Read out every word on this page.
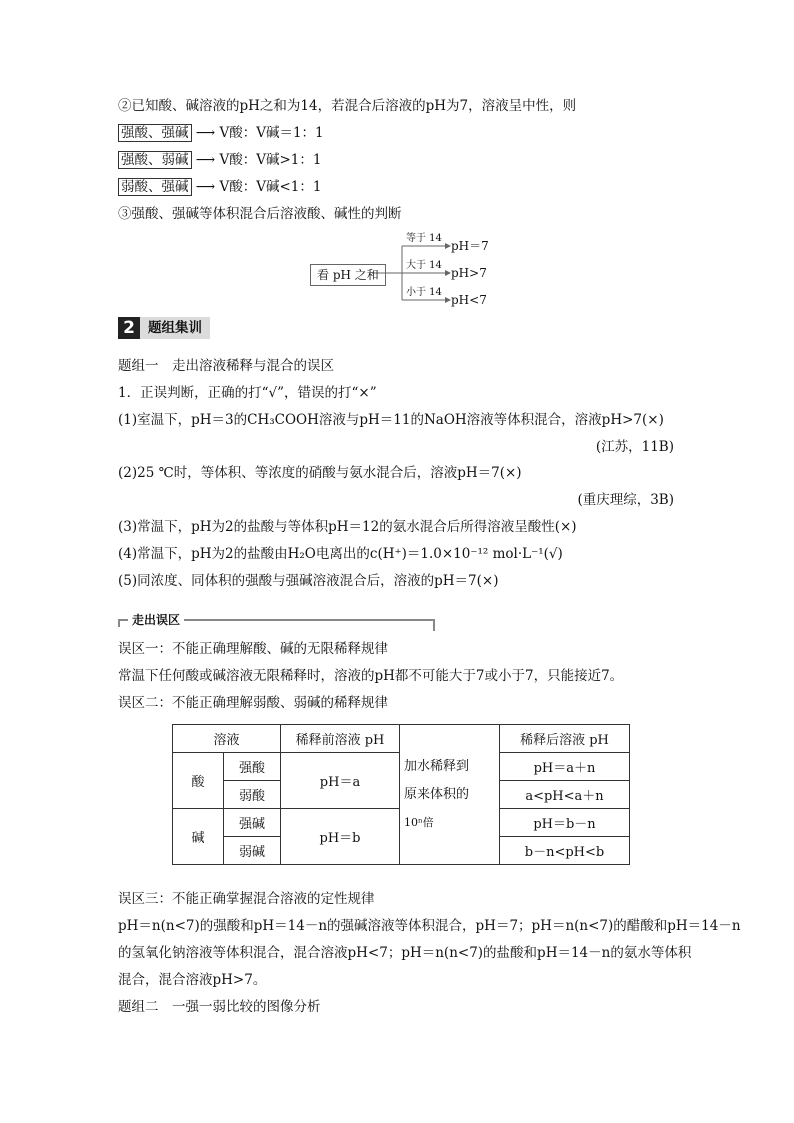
②已知酸、碱溶液的pH之和为14，若混合后溶液的pH为7，溶液呈中性，则
强酸、强碱 ⟶ V酸：V碱＝1：1
强酸、弱碱 ⟶ V酸：V碱>1：1
弱酸、强碱 ⟶ V酸：V碱<1：1
③强酸、强碱等体积混合后溶液酸、碱性的判断
看 pH 之和
等于 14
pH＝7
大于 14
pH>7
小于 14
pH<7
2 题组集训
题组一　走出溶液稀释与混合的误区
1．正误判断，正确的打“√”，错误的打“×”
(1)室温下，pH＝3的CH₃COOH溶液与pH＝11的NaOH溶液等体积混合，溶液pH>7(×)
(江苏，11B)
(2)25 ℃时，等体积、等浓度的硝酸与氨水混合后，溶液pH＝7(×)
(重庆理综，3B)
(3)常温下，pH为2的盐酸与等体积pH＝12的氨水混合后所得溶液呈酸性(×)
(4)常温下，pH为2的盐酸由H₂O电离出的c(H⁺)＝1.0×10⁻¹² mol·L⁻¹(√)
(5)同浓度、同体积的强酸与强碱溶液混合后，溶液的pH＝7(×)
走出误区
误区一：不能正确理解酸、碱的无限稀释规律
常温下任何酸或碱溶液无限稀释时，溶液的pH都不可能大于7或小于7，只能接近7。
误区二：不能正确理解弱酸、弱碱的稀释规律
溶液		稀释前溶液 pH	加水稀释到
原来体积的
10ⁿ倍	稀释后溶液 pH
酸	强酸	pH＝a		pH＝a＋n
	弱酸			a<pH<a＋n
碱	强碱	pH＝b		pH＝b－n
	弱碱			b－n<pH<b
误区三：不能正确掌握混合溶液的定性规律
pH＝n(n<7)的强酸和pH＝14－n的强碱溶液等体积混合，pH＝7；pH＝n(n<7)的醋酸和pH＝14－n
的氢氧化钠溶液等体积混合，混合溶液pH<7；pH＝n(n<7)的盐酸和pH＝14－n的氨水等体积
混合，混合溶液pH>7。
题组二　一强一弱比较的图像分析
